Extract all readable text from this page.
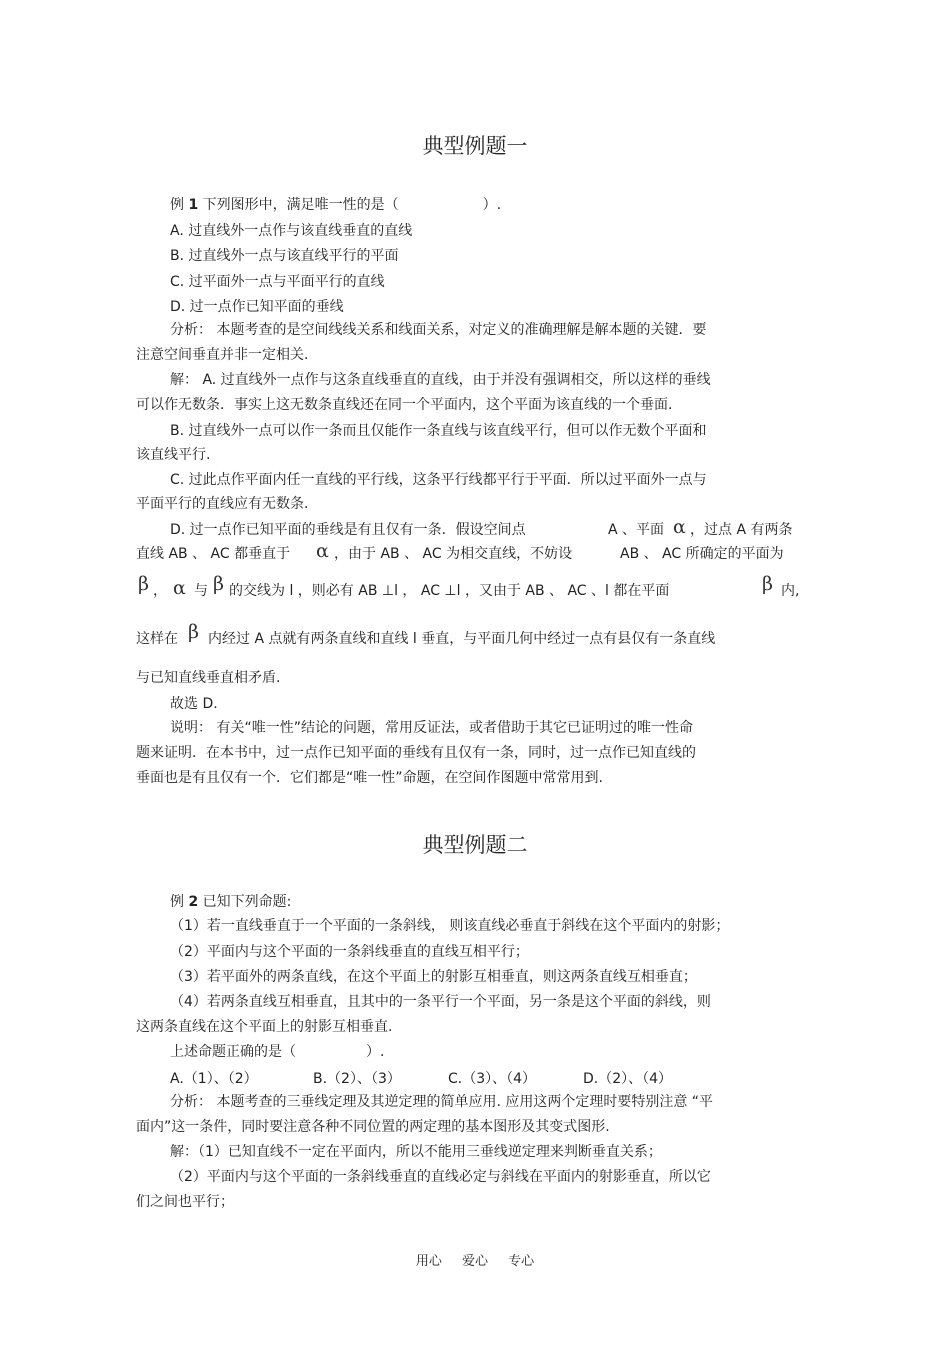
典型例题一
例 1 下列图形中，满足唯一性的是（　　　　　　）.
A. 过直线外一点作与该直线垂直的直线
B. 过直线外一点与该直线平行的平面
C. 过平面外一点与平面平行的直线
D. 过一点作已知平面的垂线
分析： 本题考查的是空间线线关系和线面关系，对定义的准确理解是解本题的关键．要
注意空间垂直并非一定相关.
解： A. 过直线外一点作与这条直线垂直的直线，由于并没有强调相交，所以这样的垂线
可以作无数条．事实上这无数条直线还在同一个平面内，这个平面为该直线的一个垂面.
B. 过直线外一点可以作一条而且仅能作一条直线与该直线平行，但可以作无数个平面和
该直线平行.
C. 过此点作平面内任一直线的平行线，这条平行线都平行于平面．所以过平面外一点与
平面平行的直线应有无数条.
D. 过一点作已知平面的垂线是有且仅有一条．假设空间点	A 、平面 α ，过点 A 有两条
直线 AB 、 AC 都垂直于 α ，由于 AB 、 AC 为相交直线，不妨设	AB 、 AC 所确定的平面为
β ， α 与 β 的交线为 l ，则必有 AB ⊥l ， AC ⊥l ，又由于 AB 、 AC 、l 都在平面	β 内,
这样在 β 内经过 A 点就有两条直线和直线 l 垂直，与平面几何中经过一点有县仅有一条直线
与已知直线垂直相矛盾.
故选 D.
说明： 有关“唯一性”结论的问题，常用反证法，或者借助于其它已证明过的唯一性命
题来证明．在本书中，过一点作已知平面的垂线有且仅有一条，同时，过一点作已知直线的
垂面也是有且仅有一个．它们都是“唯一性”命题，在空间作图题中常常用到.
典型例题二
例 2 已知下列命题:
（1）若一直线垂直于一个平面的一条斜线， 则该直线必垂直于斜线在这个平面内的射影；
（2）平面内与这个平面的一条斜线垂直的直线互相平行；
（3）若平面外的两条直线，在这个平面上的射影互相垂直，则这两条直线互相垂直；
（4）若两条直线互相垂直，且其中的一条平行一个平面，另一条是这个平面的斜线，则
这两条直线在这个平面上的射影互相垂直.
上述命题正确的是（　　　　　）.
A.（1）、（2）	B.（2）、（3）	C.（3）、（4）	D.（2）、（4）
分析： 本题考查的三垂线定理及其逆定理的简单应用. 应用这两个定理时要特别注意 “平
面内”这一条件，同时要注意各种不同位置的两定理的基本图形及其变式图形.
解：（1）已知直线不一定在平面内，所以不能用三垂线逆定理来判断垂直关系；
（2）平面内与这个平面的一条斜线垂直的直线必定与斜线在平面内的射影垂直，所以它
们之间也平行；
用心 爱心 专心
